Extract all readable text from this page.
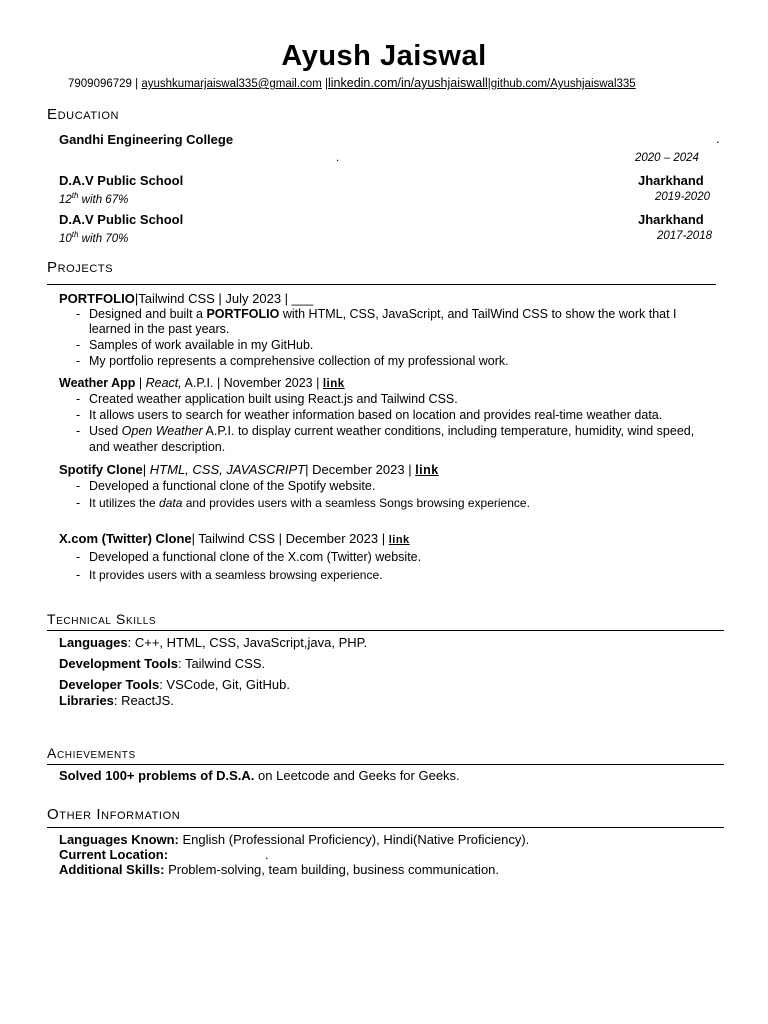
Ayush Jaiswal
7909096729 | ayushkumarjaiswal335@gmail.com |linkedin.com/in/ayushjaiswall|github.com/Ayushjaiswal335
Education
Gandhi Engineering College	.
.	2020 – 2024
D.A.V Public School	Jharkhand
12th with 67%	2019-2020
D.A.V Public School	Jharkhand
10th with 70%	2017-2018
Projects
PORTFOLIO|Tailwind CSS | July 2023 | ___
‐ Designed and built a PORTFOLIO with HTML, CSS, JavaScript, and TailWind CSS to show the work that I
learned in the past years.
‐ Samples of work available in my GitHub.
‐ My portfolio represents a comprehensive collection of my professional work.
Weather App | React, A.P.I. | November 2023 | link
‐ Created weather application built using React.js and Tailwind CSS.
‐ It allows users to search for weather information based on location and provides real-time weather data.
‐ Used Open Weather A.P.I. to display current weather conditions, including temperature, humidity, wind speed,
and weather description.
Spotify Clone| HTML, CSS, JAVASCRIPT| December 2023 | link
‐ Developed a functional clone of the Spotify website.
‐ It utilizes the data and provides users with a seamless Songs browsing experience.
X.com (Twitter) Clone| Tailwind CSS | December 2023 | link
‐ Developed a functional clone of the X.com (Twitter) website.
‐ It provides users with a seamless browsing experience.
Technical Skills
Languages: C++, HTML, CSS, JavaScript,java, PHP.
Development Tools: Tailwind CSS.
Developer Tools: VSCode, Git, GitHub.
Libraries: ReactJS.
Achievements
Solved 100+ problems of D.S.A. on Leetcode and Geeks for Geeks.
Other Information
Languages Known: English (Professional Proficiency), Hindi(Native Proficiency).
Current Location:	.
Additional Skills: Problem-solving, team building, business communication.
